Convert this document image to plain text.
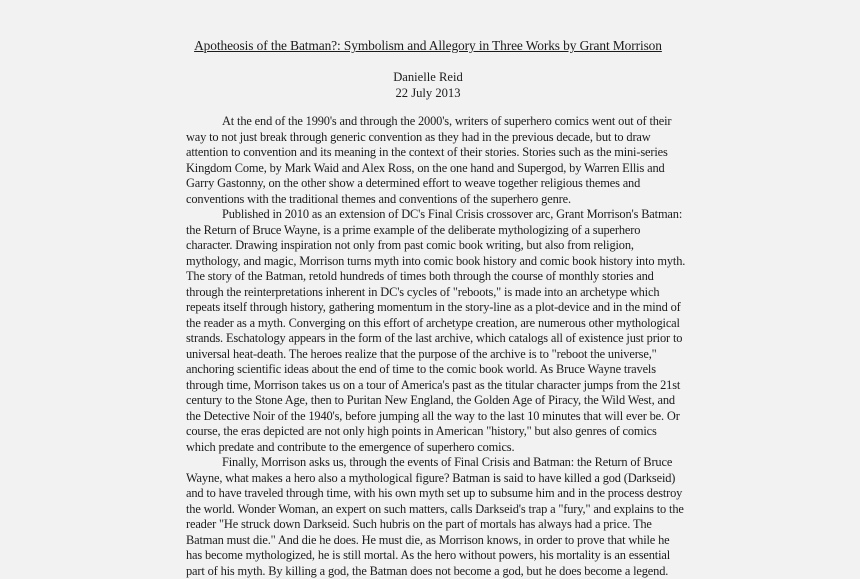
Apotheosis of the Batman?: Symbolism and Allegory in Three Works by Grant Morrison
Danielle Reid
22 July 2013
At the end of the 1990's and through the 2000's, writers of superhero comics went out of their
way to not just break through generic convention as they had in the previous decade, but to draw
attention to convention and its meaning in the context of their stories. Stories such as the mini-series
Kingdom Come, by Mark Waid and Alex Ross, on the one hand and Supergod, by Warren Ellis and
Garry Gastonny, on the other show a determined effort to weave together religious themes and
conventions with the traditional themes and conventions of the superhero genre.
Published in 2010 as an extension of DC's Final Crisis crossover arc, Grant Morrison's Batman:
the Return of Bruce Wayne, is a prime example of the deliberate mythologizing of a superhero
character. Drawing inspiration not only from past comic book writing, but also from religion,
mythology, and magic, Morrison turns myth into comic book history and comic book history into myth.
The story of the Batman, retold hundreds of times both through the course of monthly stories and
through the reinterpretations inherent in DC's cycles of "reboots," is made into an archetype which
repeats itself through history, gathering momentum in the story-line as a plot-device and in the mind of
the reader as a myth. Converging on this effort of archetype creation, are numerous other mythological
strands. Eschatology appears in the form of the last archive, which catalogs all of existence just prior to
universal heat-death. The heroes realize that the purpose of the archive is to "reboot the universe,"
anchoring scientific ideas about the end of time to the comic book world. As Bruce Wayne travels
through time, Morrison takes us on a tour of America's past as the titular character jumps from the 21st
century to the Stone Age, then to Puritan New England, the Golden Age of Piracy, the Wild West, and
the Detective Noir of the 1940's, before jumping all the way to the last 10 minutes that will ever be. Or
course, the eras depicted are not only high points in American "history," but also genres of comics
which predate and contribute to the emergence of superhero comics.
Finally, Morrison asks us, through the events of Final Crisis and Batman: the Return of Bruce
Wayne, what makes a hero also a mythological figure? Batman is said to have killed a god (Darkseid)
and to have traveled through time, with his own myth set up to subsume him and in the process destroy
the world. Wonder Woman, an expert on such matters, calls Darkseid's trap a "fury," and explains to the
reader "He struck down Darkseid. Such hubris on the part of mortals has always had a price. The
Batman must die." And die he does. He must die, as Morrison knows, in order to prove that while he
has become mythologized, he is still mortal. As the hero without powers, his mortality is an essential
part of his myth. By killing a god, the Batman does not become a god, but he does become a legend.
